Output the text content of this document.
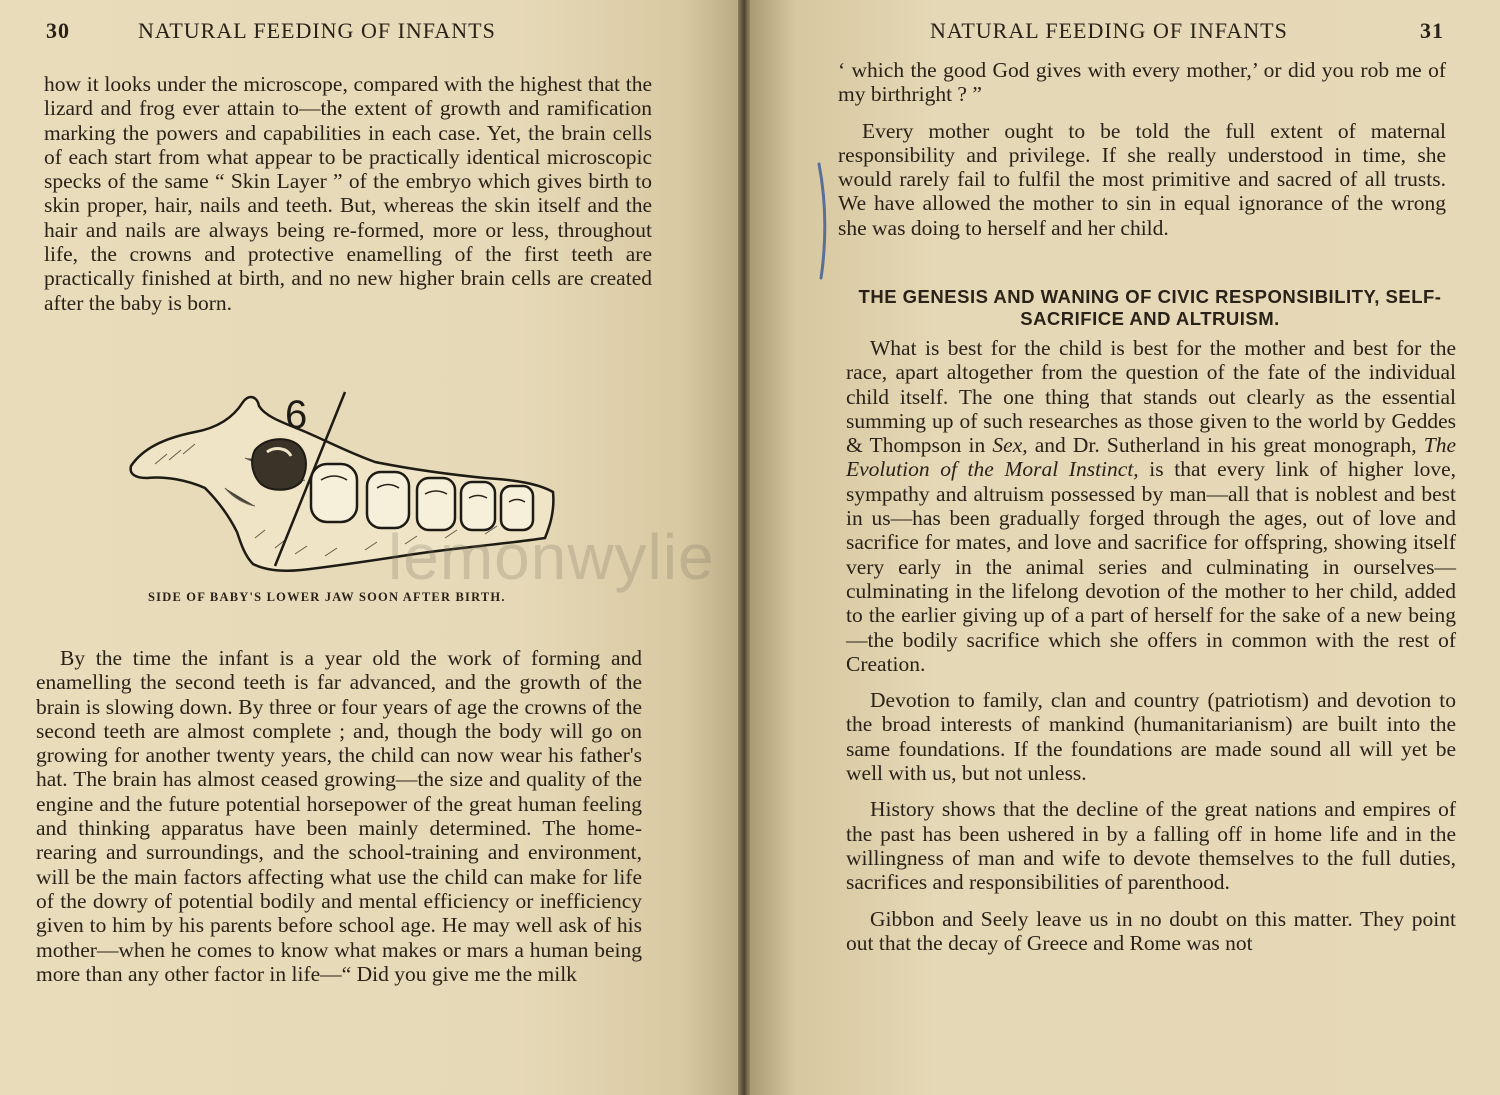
30	NATURAL FEEDING OF INFANTS

how it looks under the microscope, compared with the highest that the lizard and frog ever attain to—the extent of growth and ramification marking the powers and capabilities in each case. Yet, the brain cells of each start from what appear to be practically identical microscopic specks of the same “ Skin Layer ” of the embryo which gives birth to skin proper, hair, nails and teeth. But, whereas the skin itself and the hair and nails are always being re-formed, more or less, throughout life, the crowns and protective enamelling of the first teeth are practically finished at birth, and no new higher brain cells are created after the baby is born.

6
SIDE OF BABY'S LOWER JAW SOON AFTER BIRTH.

By the time the infant is a year old the work of forming and enamelling the second teeth is far advanced, and the growth of the brain is slowing down. By three or four years of age the crowns of the second teeth are almost complete ; and, though the body will go on growing for another twenty years, the child can now wear his father's hat. The brain has almost ceased growing—the size and quality of the engine and the future potential horsepower of the great human feeling and thinking apparatus have been mainly determined. The home-rearing and surroundings, and the school-training and environment, will be the main factors affecting what use the child can make for life of the dowry of potential bodily and mental efficiency or inefficiency given to him by his parents before school age. He may well ask of his mother—when he comes to know what makes or mars a human being more than any other factor in life—“ Did you give me the milk

NATURAL FEEDING OF INFANTS	31

‘ which the good God gives with every mother,’ or did you rob me of my birthright ? ”

Every mother ought to be told the full extent of maternal responsibility and privilege. If she really understood in time, she would rarely fail to fulfil the most primitive and sacred of all trusts. We have allowed the mother to sin in equal ignorance of the wrong she was doing to herself and her child.

THE GENESIS AND WANING OF CIVIC RESPONSIBILITY, SELF-SACRIFICE AND ALTRUISM.

What is best for the child is best for the mother and best for the race, apart altogether from the question of the fate of the individual child itself. The one thing that stands out clearly as the essential summing up of such researches as those given to the world by Geddes & Thompson in Sex, and Dr. Sutherland in his great monograph, The Evolution of the Moral Instinct, is that every link of higher love, sympathy and altruism possessed by man—all that is noblest and best in us—has been gradually forged through the ages, out of love and sacrifice for mates, and love and sacrifice for offspring, showing itself very early in the animal series and culminating in ourselves—culminating in the lifelong devotion of the mother to her child, added to the earlier giving up of a part of herself for the sake of a new being—the bodily sacrifice which she offers in common with the rest of Creation.

Devotion to family, clan and country (patriotism) and devotion to the broad interests of mankind (humanitarianism) are built into the same foundations. If the foundations are made sound all will yet be well with us, but not unless.

History shows that the decline of the great nations and empires of the past has been ushered in by a falling off in home life and in the willingness of man and wife to devote themselves to the full duties, sacrifices and responsibilities of parenthood.

Gibbon and Seely leave us in no doubt on this matter. They point out that the decay of Greece and Rome was not

lemonwylie
